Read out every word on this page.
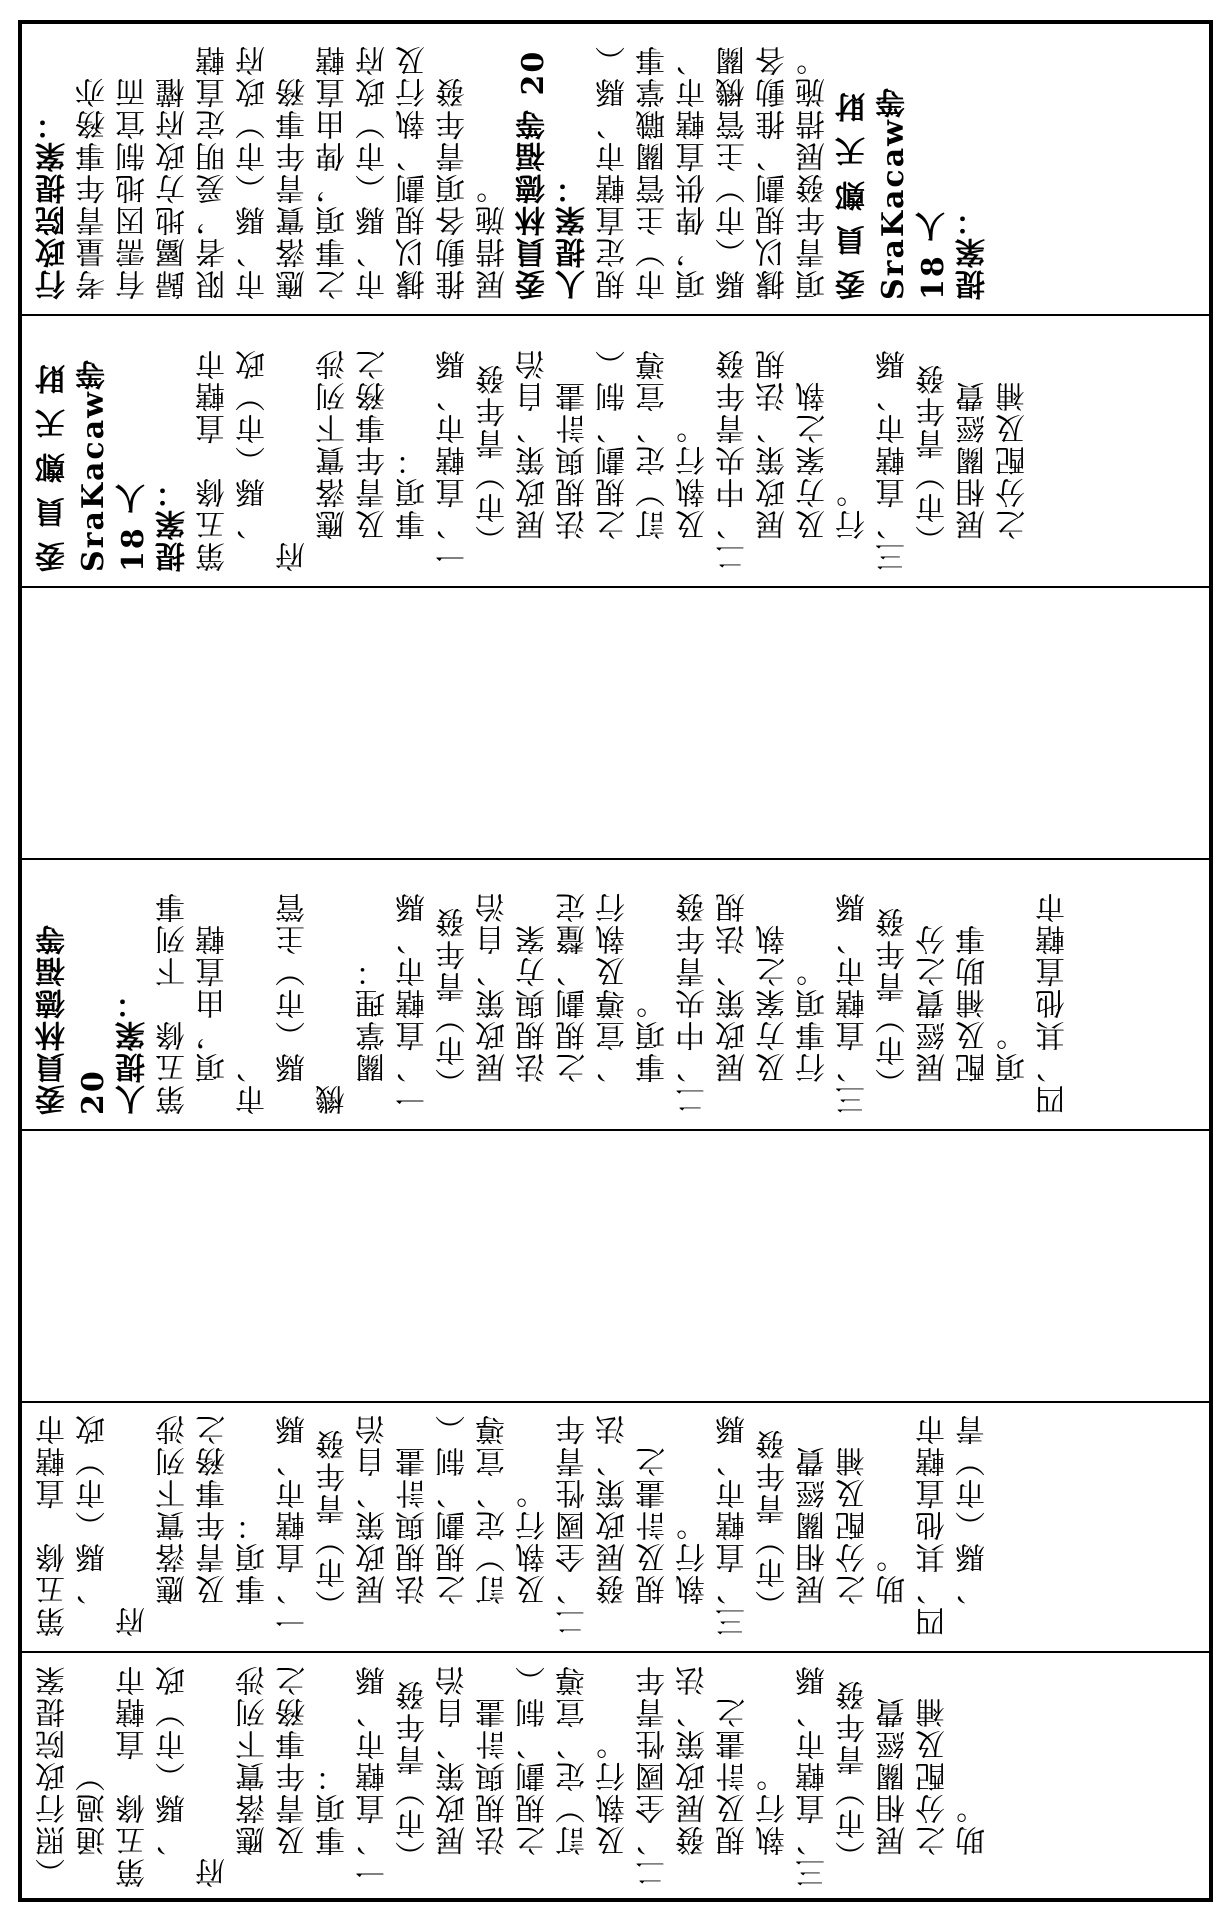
行政院提案： 考量青年事務亦 有需因地制宜而 歸屬地方政府權 限者，爰明定直轄 市、縣（市）政府 應落實青年事務 之事項，俾由直轄 市、縣（市）政府 據以規劃、執行及 推動各項青年發 展措施。 委員林德福等 20 人提案： 規定直轄市、縣（ 市）主管關職掌事 項，俾供直轄市、 縣（市）主管機關 據以規劃、推動各 項青年發展措施。 委 員 鄭 天 財 SraKacaw等 18 人 提案：
委 員 鄭 天 財 SraKacaw等 18 人 提案： 第五條　直轄市 　、縣（市）政府 　應落實下列涉 　及青年事務之 　事項： 一、直轄市、縣 　（市）青年發 　展政策、自治 　法規與計畫 　之規劃、制（ 　訂）定、宣導 　及執行。 二、中央青年發 　展政策、法規 　及方案之執 　行。 三、直轄市、縣 　（市）青年發 　展相關經費 　之分配及補
委員林德福等 20 人提案： 第五條　下列事 　項，由直轄市、 　縣（市）主管機 　關掌理： 一、直轄市、縣 　（市）青年發 　展政策、自治 　法規與方案 　之規劃、釐定 　、宣導及執行 　事項。 二、中央青年發 　展政策、法規 　及方案之執 　行事項。 三、直轄市、縣 　（市）青年發 　展經費之分 　配及補助事 　項。 四、其他直轄市
第五條　直轄市 　、縣（市）政府 　應落實下列涉 　及青年事務之 　事項： 一、直轄市、縣 　（市）青年發 　展政策、自治 　法規與計畫 　之規劃、制（ 　訂）定、宣導 　及執行。 二、全國性青年 　發展政策、法 　規及計畫之 　執行。 三、直轄市、縣 　（市）青年發 　展相關經費 　之分配及補 　助。 四、其他直轄市 　、縣（市）青
（照行政院提案 　通過） 第五條　直轄市 　、縣（市）政府 　應落實下列涉 　及青年事務之 　事項： 一、直轄市、縣 　（市）青年發 　展政策、自治 　法規與計畫 　之規劃、制（ 　訂）定、宣導 　及執行。 二、全國性青年 　發展政策、法 　規及計畫之 　執行。 三、直轄市、縣 　（市）青年發 　展相關經費 　之分配及補 　助。
